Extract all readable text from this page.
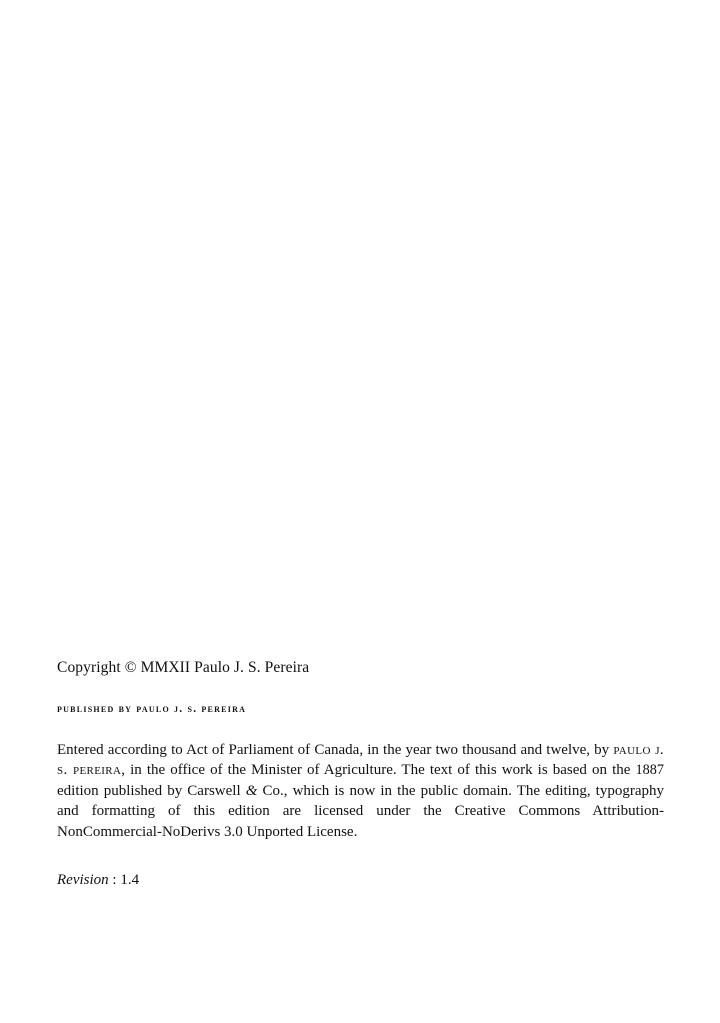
Copyright © MMXII Paulo J. S. Pereira
published by paulo j. s. pereira

Entered according to Act of Parliament of Canada, in the year two thousand and twelve, by paulo j. s. pereira, in the office of the Minister of Agriculture. The text of this work is based on the 1887 edition published by Carswell & Co., which is now in the public domain. The editing, typography and formatting of this edition are licensed under the Creative Commons Attribution-NonCommercial-NoDerivs 3.0 Unported License.

Revision : 1.4
